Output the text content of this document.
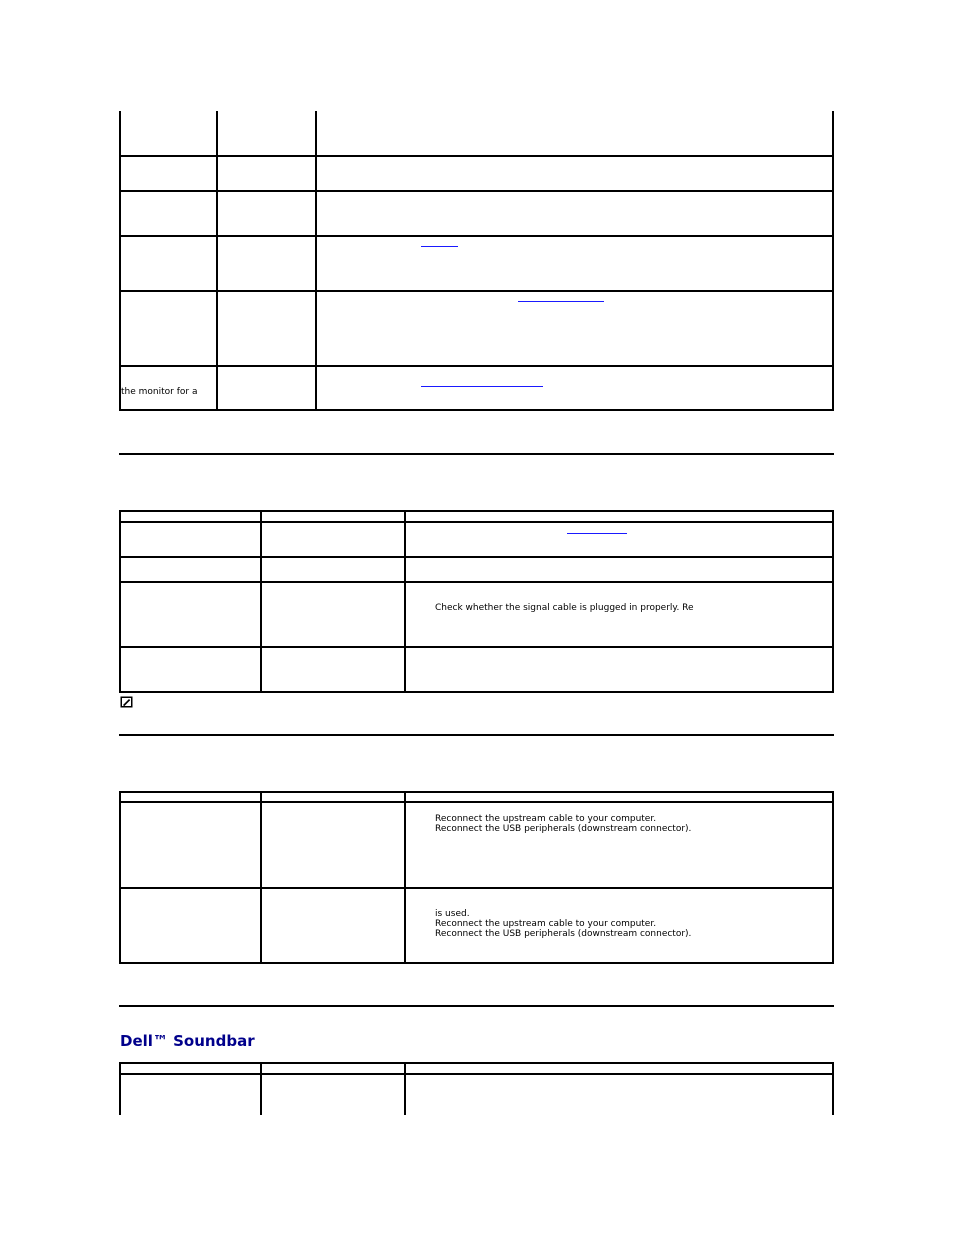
the monitor for a
Check whether the signal cable is plugged in properly. Re
Reconnect the upstream cable to your computer.
Reconnect the USB peripherals (downstream connector).
is used.
Reconnect the upstream cable to your computer.
Reconnect the USB peripherals (downstream connector).
Dell™ Soundbar
